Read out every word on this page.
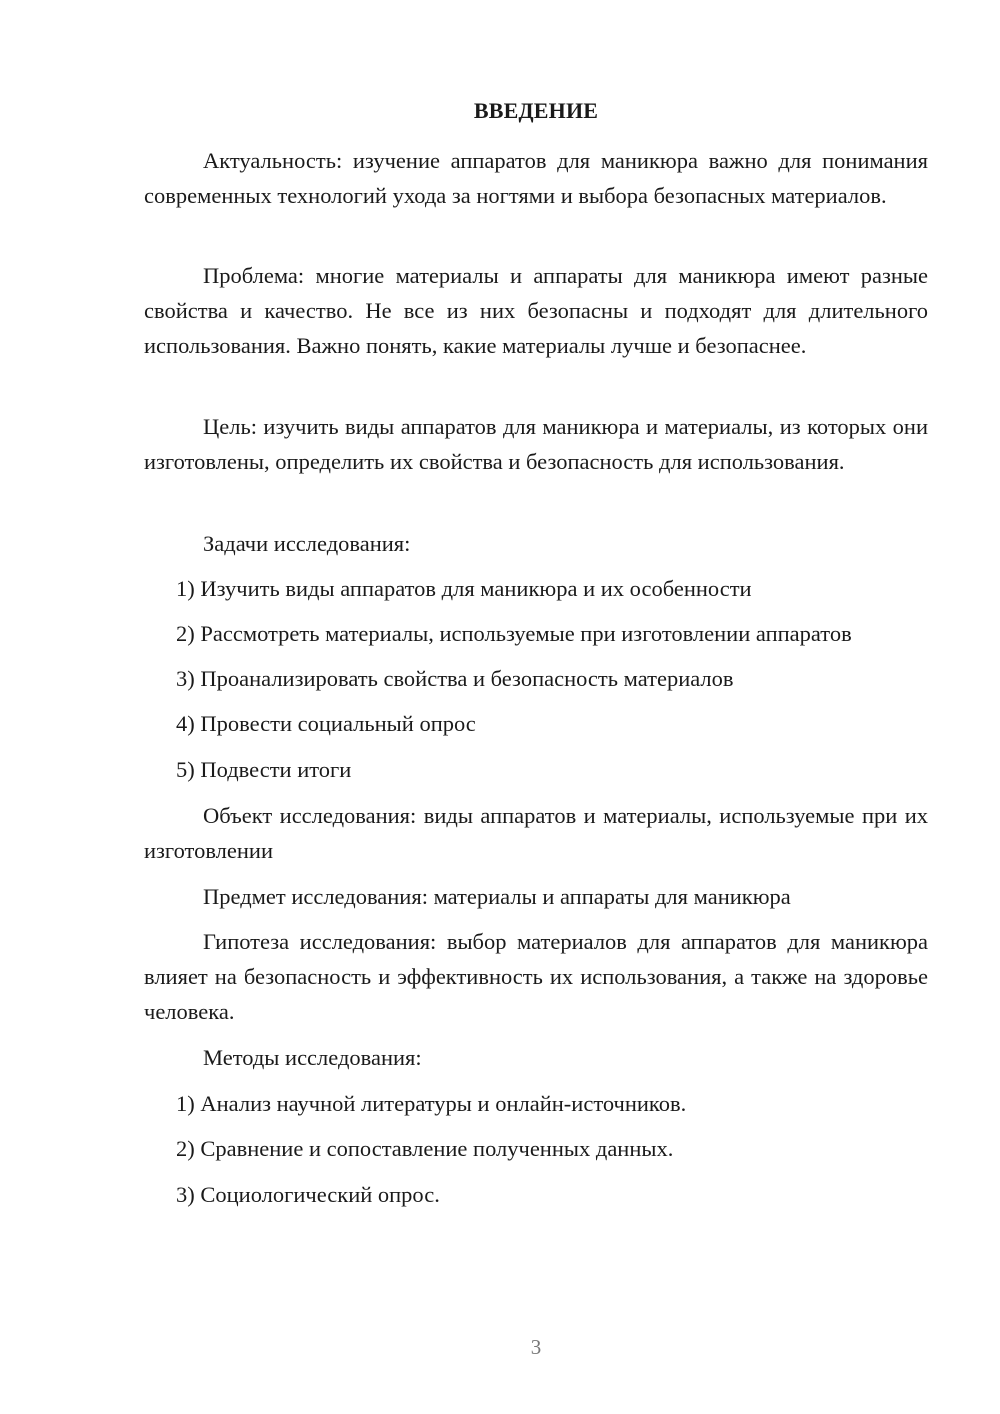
ВВЕДЕНИЕ

Актуальность: изучение аппаратов для маникюра важно для понимания современных технологий ухода за ногтями и выбора безопасных материалов.

Проблема: многие материалы и аппараты для маникюра имеют разные свойства и качество. Не все из них безопасны и подходят для длительного использования. Важно понять, какие материалы лучше и безопаснее.

Цель: изучить виды аппаратов для маникюра и материалы, из которых они изготовлены, определить их свойства и безопасность для использования.

Задачи исследования:

1) Изучить виды аппаратов для маникюра и их особенности

2) Рассмотреть материалы, используемые при изготовлении аппаратов

3) Проанализировать свойства и безопасность материалов

4) Провести социальный опрос

5) Подвести итоги

Объект исследования: виды аппаратов и материалы, используемые при их изготовлении

Предмет исследования: материалы и аппараты для маникюра

Гипотеза исследования: выбор материалов для аппаратов для маникюра влияет на безопасность и эффективность их использования, а также на здоровье человека.

Методы исследования:

1) Анализ научной литературы и онлайн-источников.

2) Сравнение и сопоставление полученных данных.

3) Социологический опрос.

3
